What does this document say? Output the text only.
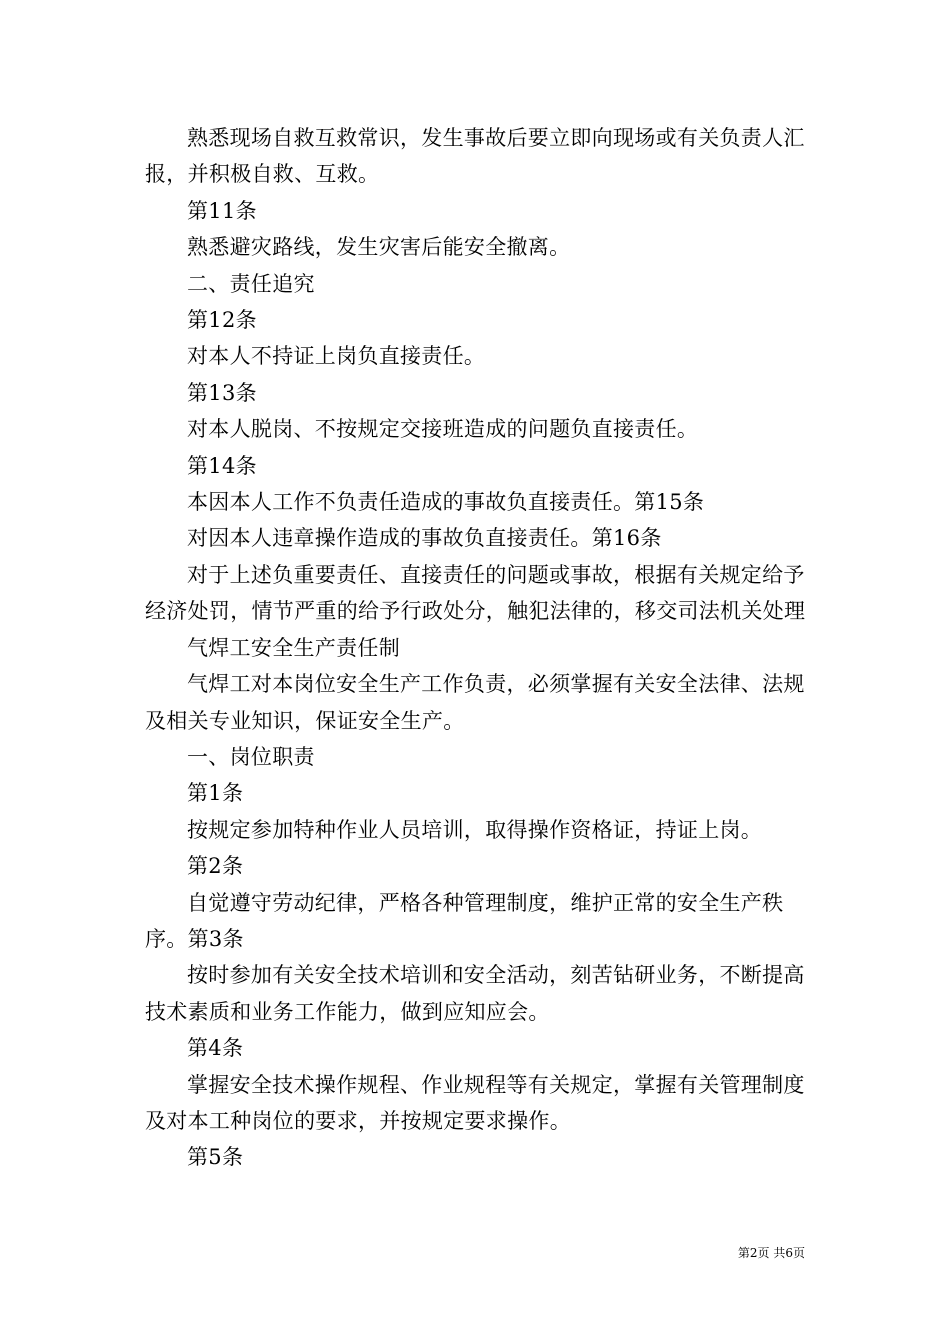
熟悉现场自救互救常识，发生事故后要立即向现场或有关负责人汇报，并积极自救、互救。

第11条

熟悉避灾路线，发生灾害后能安全撤离。

二、责任追究

第12条

对本人不持证上岗负直接责任。

第13条

对本人脱岗、不按规定交接班造成的问题负直接责任。

第14条

本因本人工作不负责任造成的事故负直接责任。第15条

对因本人违章操作造成的事故负直接责任。第16条

对于上述负重要责任、直接责任的问题或事故，根据有关规定给予经济处罚，情节严重的给予行政处分，触犯法律的，移交司法机关处理

气焊工安全生产责任制

气焊工对本岗位安全生产工作负责，必须掌握有关安全法律、法规及相关专业知识，保证安全生产。

一、岗位职责

第1条

按规定参加特种作业人员培训，取得操作资格证，持证上岗。

第2条

自觉遵守劳动纪律，严格各种管理制度，维护正常的安全生产秩序。第3条

按时参加有关安全技术培训和安全活动，刻苦钻研业务，不断提高技术素质和业务工作能力，做到应知应会。

第4条

掌握安全技术操作规程、作业规程等有关规定，掌握有关管理制度及对本工种岗位的要求，并按规定要求操作。

第5条

第2页 共6页
